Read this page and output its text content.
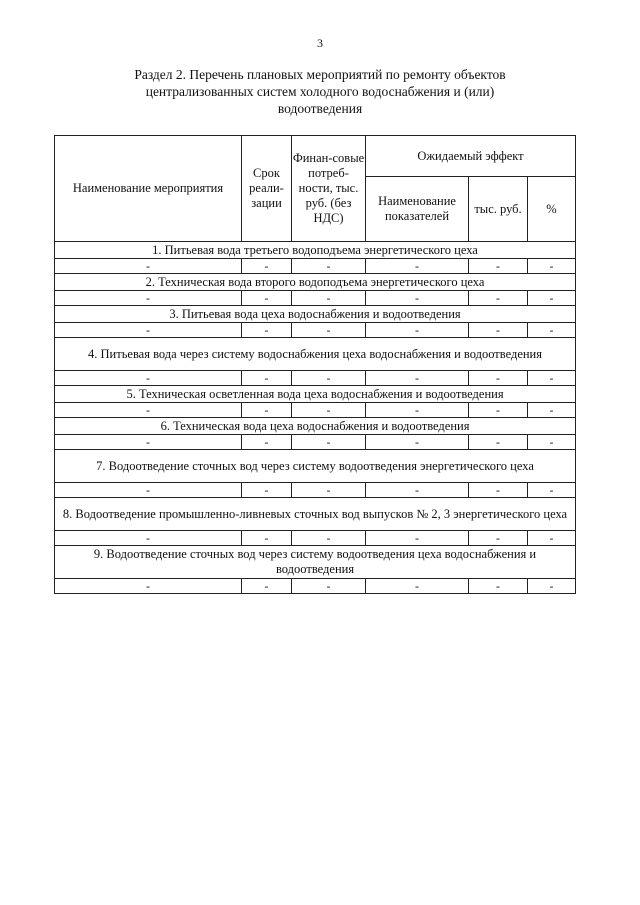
3
Раздел 2. Перечень плановых мероприятий по ремонту объектов
централизованных систем холодного водоснабжения и (или)
водоотведения
Наименование мероприятия	Срок реали-зации	Финан-совые потреб-ности, тыс. руб. (без НДС)	Ожидаемый эффект		
			Наименование показателей	тыс. руб.	%
1. Питьевая вода третьего водоподъема энергетического цеха					
-	-	-	-	-	-
2. Техническая вода второго водоподъема энергетического цеха					
-	-	-	-	-	-
3. Питьевая вода цеха водоснабжения и водоотведения					
-	-	-	-	-	-
4. Питьевая вода через систему водоснабжения цеха водоснабжения и водоотведения					
-	-	-	-	-	-
5. Техническая осветленная вода цеха водоснабжения и водоотведения					
-	-	-	-	-	-
6. Техническая вода цеха водоснабжения и водоотведения					
-	-	-	-	-	-
7. Водоотведение сточных вод через систему водоотведения энергетического цеха					
-	-	-	-	-	-
8. Водоотведение промышленно-ливневых сточных вод выпусков № 2, 3 энергетического цеха					
-	-	-	-	-	-
9. Водоотведение сточных вод через систему водоотведения цеха водоснабжения и водоотведения					
-	-	-	-	-	-
